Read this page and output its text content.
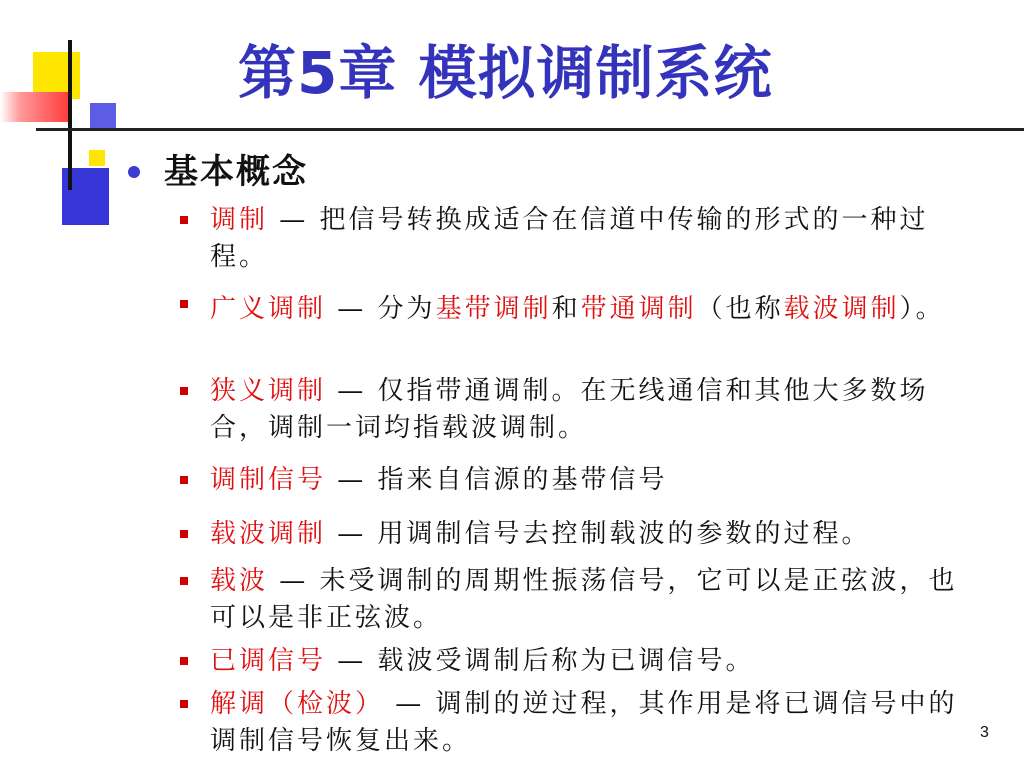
第5章 模拟调制系统
基本概念
调制 — 把信号转换成适合在信道中传输的形式的一种过程。
广义调制 — 分为基带调制和带通调制（也称载波调制）。
狭义调制 — 仅指带通调制。在无线通信和其他大多数场合，调制一词均指载波调制。
调制信号 — 指来自信源的基带信号
载波调制 — 用调制信号去控制载波的参数的过程。
载波 — 未受调制的周期性振荡信号，它可以是正弦波，也可以是非正弦波。
已调信号 — 载波受调制后称为已调信号。
解调（检波） — 调制的逆过程，其作用是将已调信号中的调制信号恢复出来。	3
